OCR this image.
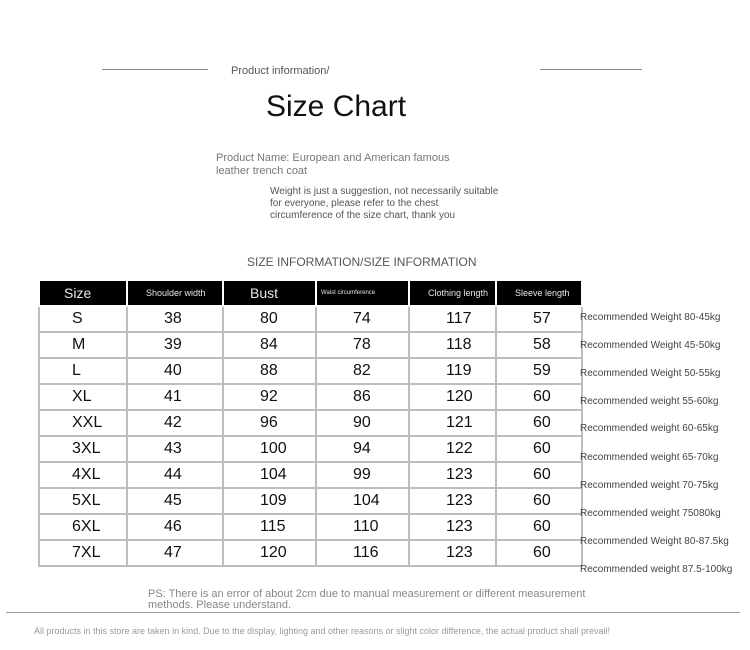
Product information/
Size Chart
Product Name: European and American famous leather trench coat
Weight is just a suggestion, not necessarily suitable for everyone, please refer to the chest circumference of the size chart, thank you
SIZE INFORMATION/SIZE INFORMATION
Size	Shoulder width	Bust	Waist circumference	Clothing length	Sleeve length
S	38	80	74	117	57
M	39	84	78	118	58
L	40	88	82	119	59
XL	41	92	86	120	60
XXL	42	96	90	121	60
3XL	43	100	94	122	60
4XL	44	104	99	123	60
5XL	45	109	104	123	60
6XL	46	115	110	123	60
7XL	47	120	116	123	60
Recommended Weight 80-45kg
Recommended Weight 45-50kg
Recommended Weight 50-55kg
Recommended weight 55-60kg
Recommended weight 60-65kg
Recommended weight 65-70kg
Recommended weight 70-75kg
Recommended weight 75080kg
Recommended Weight 80-87.5kg
Recommended weight 87.5-100kg
PS: There is an error of about 2cm due to manual measurement or different measurement methods. Please understand.
All products in this store are taken in kind. Due to the display, lighting and other reasons or slight color difference, the actual product shall prevail!
